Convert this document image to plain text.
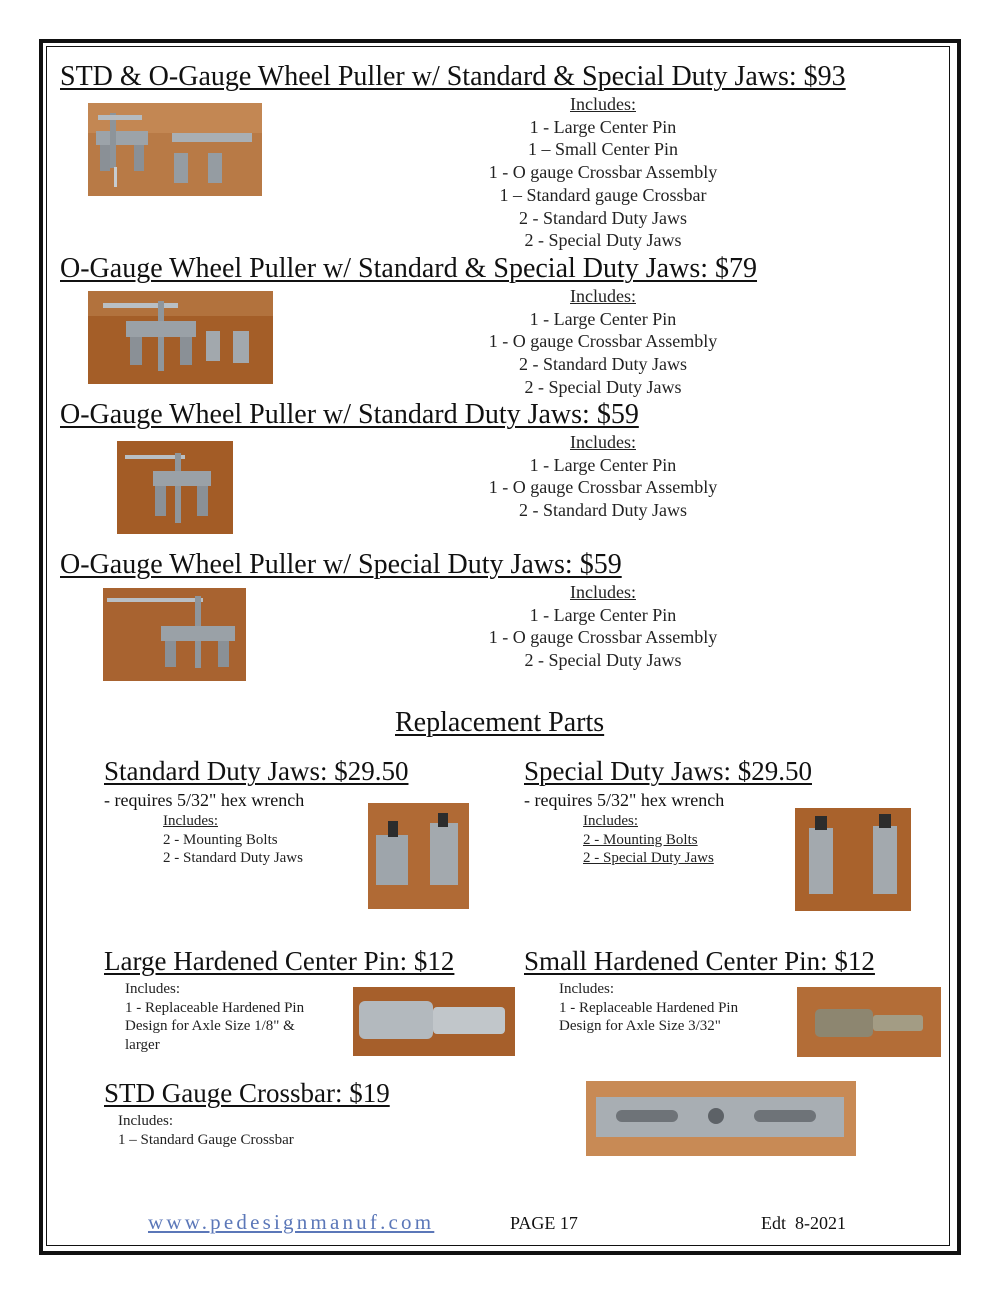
STD & O-Gauge Wheel Puller w/ Standard & Special Duty Jaws: $93
Includes:
1 - Large Center Pin
1 – Small Center Pin
1 - O gauge Crossbar Assembly
1 – Standard gauge Crossbar
2 - Standard Duty Jaws
2 - Special Duty Jaws
O-Gauge Wheel Puller w/ Standard & Special Duty Jaws: $79
Includes:
1 - Large Center Pin
1 - O gauge Crossbar Assembly
2 - Standard Duty Jaws
2 - Special Duty Jaws
O-Gauge Wheel Puller w/ Standard Duty Jaws: $59
Includes:
1 - Large Center Pin
1 - O gauge Crossbar Assembly
2 - Standard Duty Jaws
O-Gauge Wheel Puller w/ Special Duty Jaws: $59
Includes:
1 - Large Center Pin
1 - O gauge Crossbar Assembly
2 - Special Duty Jaws
Replacement Parts
Standard Duty Jaws: $29.50
- requires 5/32" hex wrench
Includes:
2 - Mounting Bolts
2 - Standard Duty Jaws
Special Duty Jaws: $29.50
- requires 5/32" hex wrench
Includes:
2 - Mounting Bolts
2 - Special Duty Jaws
Large Hardened Center Pin: $12
Includes:
1 - Replaceable Hardened Pin
Design for Axle Size 1/8" &
larger
Small Hardened Center Pin: $12
Includes:
1 - Replaceable Hardened Pin
Design for Axle Size 3/32"
STD Gauge Crossbar: $19
Includes:
1 – Standard Gauge Crossbar
www.pedesignmanuf.com	PAGE 17	Edt  8-2021
